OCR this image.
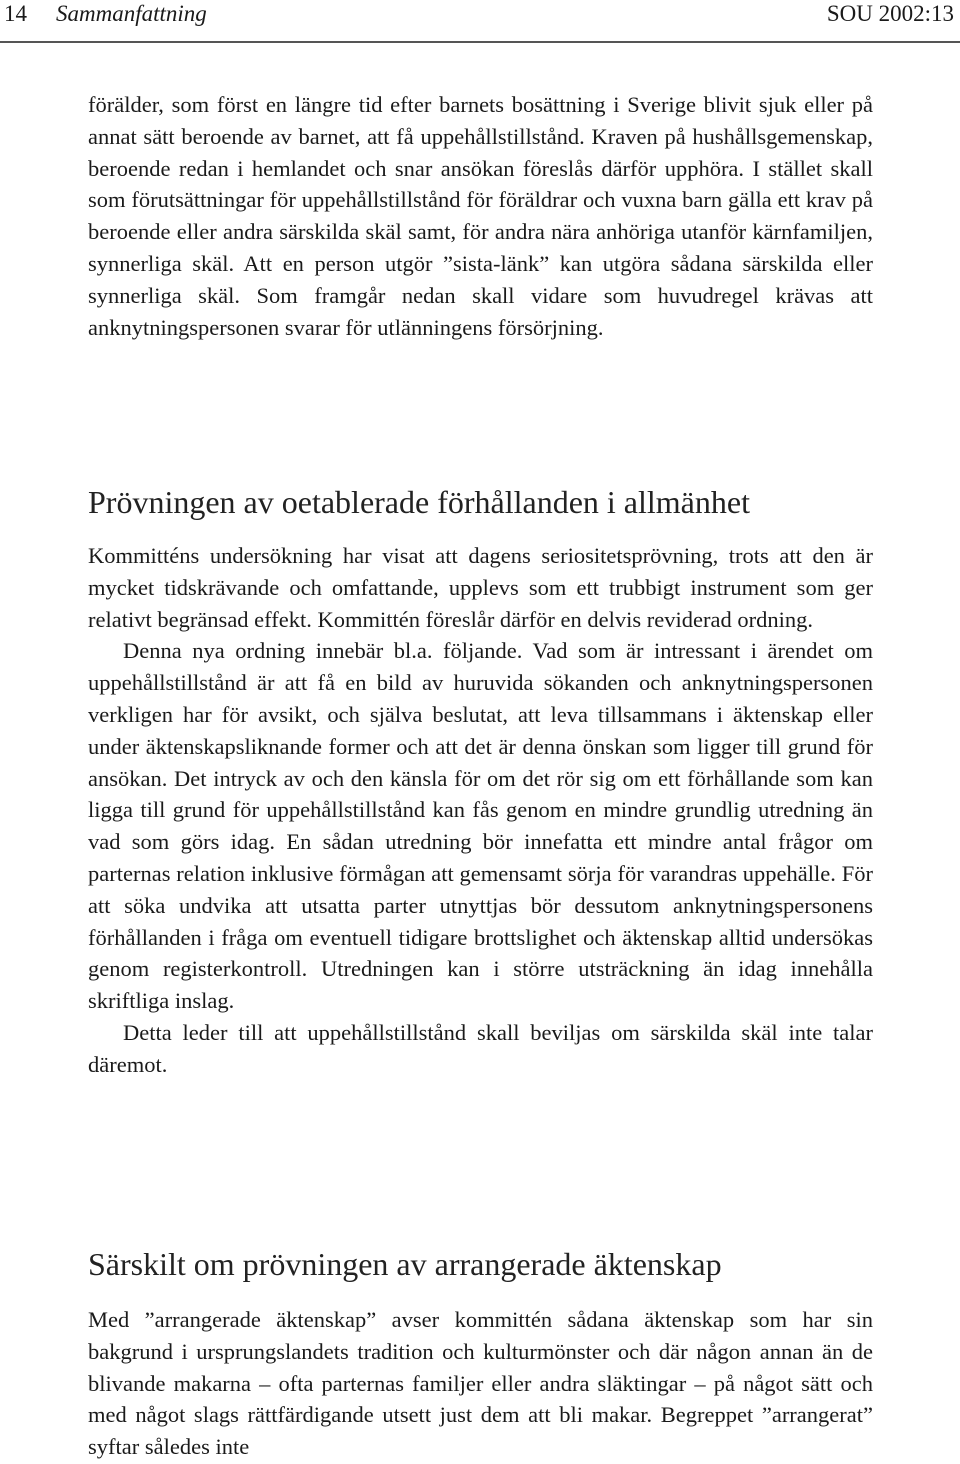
14 Sammanfattning	SOU 2002:13

förälder, som först en längre tid efter barnets bosättning i Sverige blivit sjuk eller på annat sätt beroende av barnet, att få uppehållstillstånd. Kraven på hushållsgemenskap, beroende redan i hemlandet och snar ansökan föreslås därför upphöra. I stället skall som förutsättningar för uppehållstillstånd för föräldrar och vuxna barn gälla ett krav på beroende eller andra särskilda skäl samt, för andra nära anhöriga utanför kärnfamiljen, synnerliga skäl. Att en person utgör ”sista-länk” kan utgöra sådana särskilda eller synnerliga skäl. Som framgår nedan skall vidare som huvudregel krävas att anknytningspersonen svarar för utlänningens försörjning.

Prövningen av oetablerade förhållanden i allmänhet

Kommitténs undersökning har visat att dagens seriositetsprövning, trots att den är mycket tidskrävande och omfattande, upplevs som ett trubbigt instrument som ger relativt begränsad effekt. Kommittén föreslår därför en delvis reviderad ordning.

Denna nya ordning innebär bl.a. följande. Vad som är intressant i ärendet om uppehållstillstånd är att få en bild av huruvida sökanden och anknytningspersonen verkligen har för avsikt, och själva beslutat, att leva tillsammans i äktenskap eller under äktenskapsliknande former och att det är denna önskan som ligger till grund för ansökan. Det intryck av och den känsla för om det rör sig om ett förhållande som kan ligga till grund för uppehållstillstånd kan fås genom en mindre grundlig utredning än vad som görs idag. En sådan utredning bör innefatta ett mindre antal frågor om parternas relation inklusive förmågan att gemensamt sörja för varandras uppehälle. För att söka undvika att utsatta parter utnyttjas bör dessutom anknytningspersonens förhållanden i fråga om eventuell tidigare brottslighet och äktenskap alltid undersökas genom registerkontroll. Utredningen kan i större utsträckning än idag innehålla skriftliga inslag.

Detta leder till att uppehållstillstånd skall beviljas om särskilda skäl inte talar däremot.

Särskilt om prövningen av arrangerade äktenskap

Med ”arrangerade äktenskap” avser kommittén sådana äktenskap som har sin bakgrund i ursprungslandets tradition och kulturmönster och där någon annan än de blivande makarna – ofta parternas familjer eller andra släktingar – på något sätt och med något slags rättfärdigande utsett just dem att bli makar. Begreppet ”arrangerat” syftar således inte
